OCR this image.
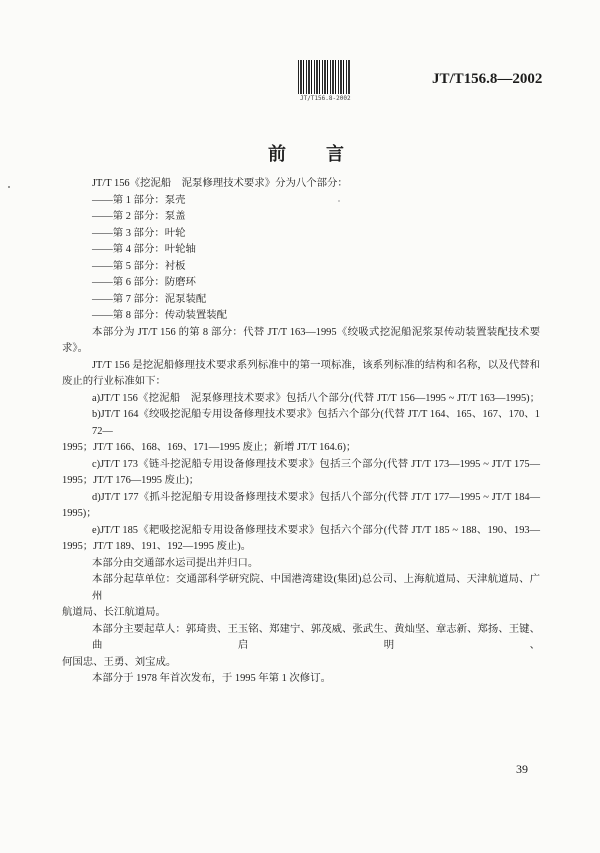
JT/T156.8-2002
JT/T156.8—2002
前 言
JT/T 156《挖泥船　泥泵修理技术要求》分为八个部分：
——第 1 部分：泵壳
——第 2 部分：泵盖
——第 3 部分：叶轮
——第 4 部分：叶轮轴
——第 5 部分：衬板
——第 6 部分：防磨环
——第 7 部分：泥泵装配
——第 8 部分：传动装置装配
本部分为 JT/T 156 的第 8 部分：代替 JT/T 163—1995《绞吸式挖泥船泥浆泵传动装置装配技术要
求》。
JT/T 156 是挖泥船修理技术要求系列标准中的第一项标准，该系列标准的结构和名称，以及代替和
废止的行业标准如下：
a)JT/T 156《挖泥船　泥泵修理技术要求》包括八个部分(代替 JT/T 156—1995 ~ JT/T 163—1995)；
b)JT/T 164《绞吸挖泥船专用设备修理技术要求》包括六个部分(代替 JT/T 164、165、167、170、172—
1995；JT/T 166、168、169、171—1995 废止；新增 JT/T 164.6)；
c)JT/T 173《链斗挖泥船专用设备修理技术要求》包括三个部分(代替 JT/T 173—1995 ~ JT/T 175—
1995；JT/T 176—1995 废止)；
d)JT/T 177《抓斗挖泥船专用设备修理技术要求》包括八个部分(代替 JT/T 177—1995 ~ JT/T 184—
1995)；
e)JT/T 185《耙吸挖泥船专用设备修理技术要求》包括六个部分(代替 JT/T 185 ~ 188、190、193—
1995；JT/T 189、191、192—1995 废止)。
本部分由交通部水运司提出并归口。
本部分起草单位：交通部科学研究院、中国港湾建设(集团)总公司、上海航道局、天津航道局、广州
航道局、长江航道局。
本部分主要起草人：郭琦贵、王玉铭、郑建宁、郭茂威、张武生、黄灿坚、章志新、郑扬、王键、曲启明、
何国忠、王勇、刘宝成。
本部分于 1978 年首次发布，于 1995 年第 1 次修订。
39
